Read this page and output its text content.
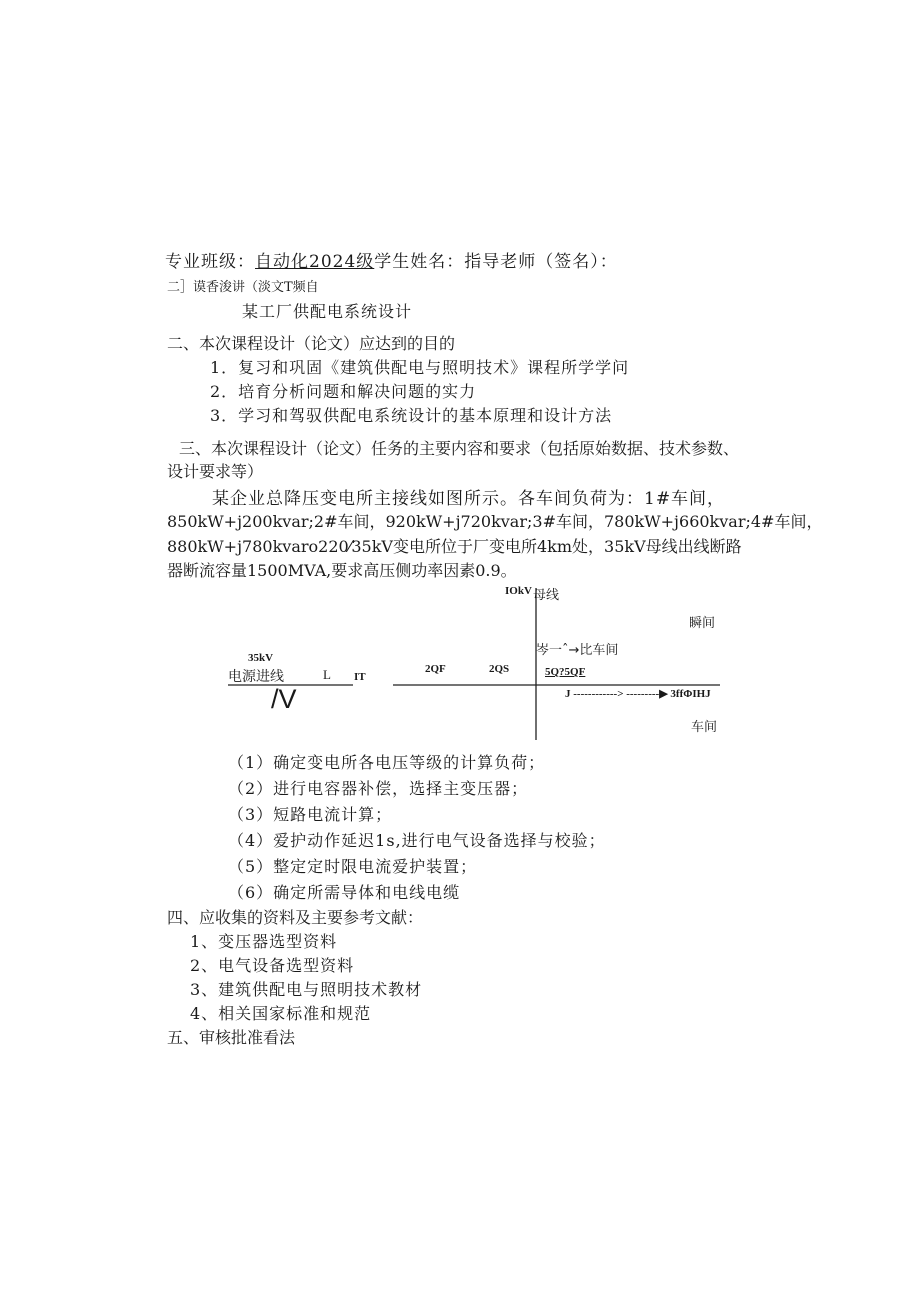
专业班级：自动化2024级学生姓名：指导老师（签名）：
二］谟香浚讲（淡文T频自
某工厂供配电系统设计
二、本次课程设计（论文）应达到的目的
1．复习和巩固《建筑供配电与照明技术》课程所学学问
2．培育分析问题和解决问题的实力
3．学习和驾驭供配电系统设计的基本原理和设计方法
三、本次课程设计（论文）任务的主要内容和要求（包括原始数据、技术参数、
设计要求等）
某企业总降压变电所主接线如图所示。各车间负荷为：1#车间，
850kW+j200kvar;2#车间，920kW+j720kvar;3#车间，780kW+j660kvar;4#车间，
880kW+j780kvaro220⁄35kV变电所位于厂变电所4km处，35kV母线出线断路
器断流容量1500MVA,要求高压侧功率因素0.9。
IOkV 母线
瞬间
岑一ˆ→比车间
35kV
电源进线	L IT
2QF	2QS	5Q?5QF
J ------------> ---------▶ 3ffΦIHJ
/V
车间
（1）确定变电所各电压等级的计算负荷；
（2）进行电容器补偿，选择主变压器；
（3）短路电流计算；
（4）爱护动作延迟1s,进行电气设备选择与校验；
（5）整定定时限电流爱护装置；
（6）确定所需导体和电线电缆
四、应收集的资料及主要参考文献：
1、变压器选型资料
2、电气设备选型资料
3、建筑供配电与照明技术教材
4、相关国家标准和规范
五、审核批准看法
